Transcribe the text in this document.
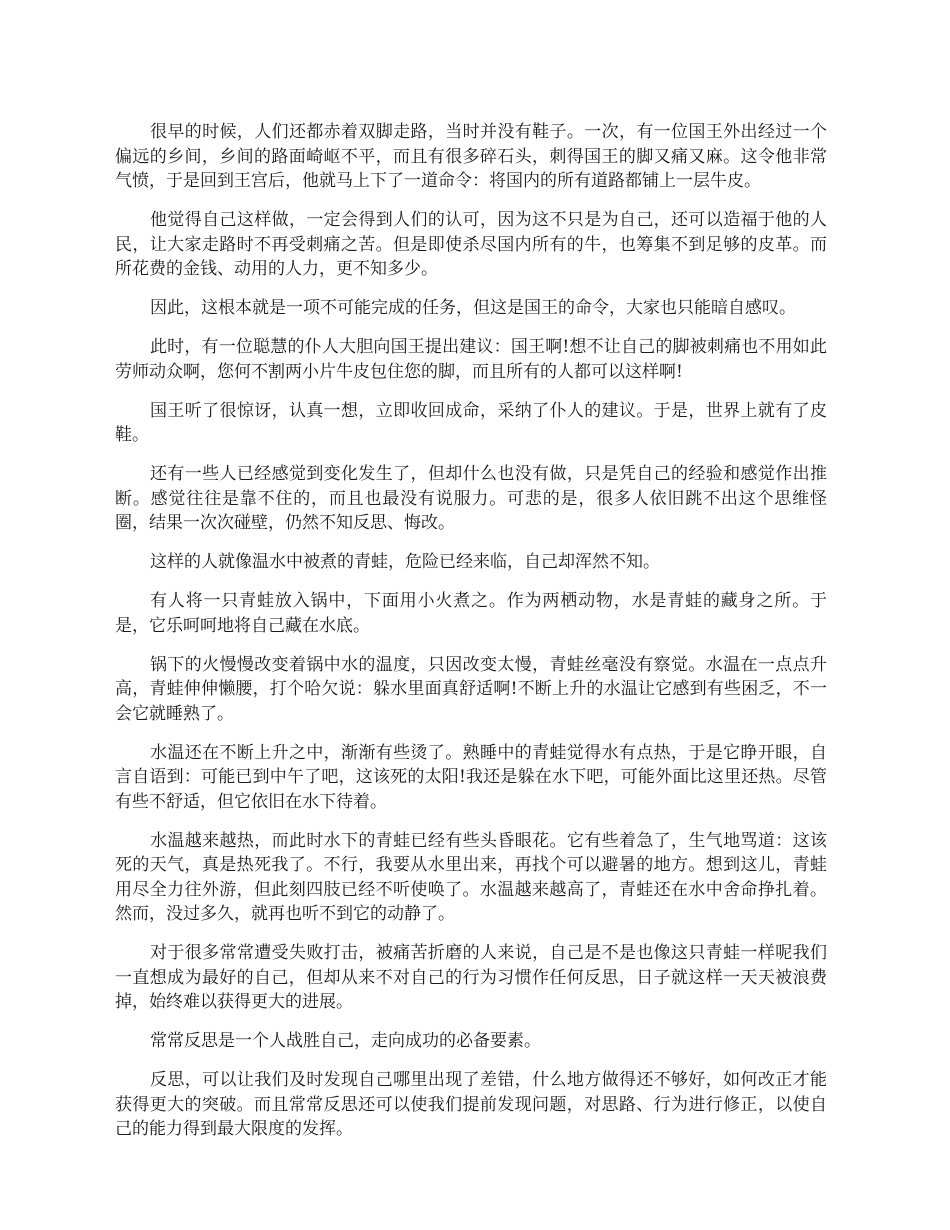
很早的时候，人们还都赤着双脚走路，当时并没有鞋子。一次，有一位国王外出经过一个偏远的乡间，乡间的路面崎岖不平，而且有很多碎石头，刺得国王的脚又痛又麻。这令他非常气愤，于是回到王宫后，他就马上下了一道命令：将国内的所有道路都铺上一层牛皮。

他觉得自己这样做，一定会得到人们的认可，因为这不只是为自己，还可以造福于他的人民，让大家走路时不再受刺痛之苦。但是即使杀尽国内所有的牛，也筹集不到足够的皮革。而所花费的金钱、动用的人力，更不知多少。

因此，这根本就是一项不可能完成的任务，但这是国王的命令，大家也只能暗自感叹。

此时，有一位聪慧的仆人大胆向国王提出建议：国王啊!想不让自己的脚被刺痛也不用如此劳师动众啊，您何不割两小片牛皮包住您的脚，而且所有的人都可以这样啊!

国王听了很惊讶，认真一想，立即收回成命，采纳了仆人的建议。于是，世界上就有了皮鞋。

还有一些人已经感觉到变化发生了，但却什么也没有做，只是凭自己的经验和感觉作出推断。感觉往往是靠不住的，而且也最没有说服力。可悲的是，很多人依旧跳不出这个思维怪圈，结果一次次碰壁，仍然不知反思、悔改。

这样的人就像温水中被煮的青蛙，危险已经来临，自己却浑然不知。

有人将一只青蛙放入锅中，下面用小火煮之。作为两栖动物，水是青蛙的藏身之所。于是，它乐呵呵地将自己藏在水底。

锅下的火慢慢改变着锅中水的温度，只因改变太慢，青蛙丝毫没有察觉。水温在一点点升高，青蛙伸伸懒腰，打个哈欠说：躲水里面真舒适啊!不断上升的水温让它感到有些困乏，不一会它就睡熟了。

水温还在不断上升之中，渐渐有些烫了。熟睡中的青蛙觉得水有点热，于是它睁开眼，自言自语到：可能已到中午了吧，这该死的太阳!我还是躲在水下吧，可能外面比这里还热。尽管有些不舒适，但它依旧在水下待着。

水温越来越热，而此时水下的青蛙已经有些头昏眼花。它有些着急了，生气地骂道：这该死的天气，真是热死我了。不行，我要从水里出来，再找个可以避暑的地方。想到这儿，青蛙用尽全力往外游，但此刻四肢已经不听使唤了。水温越来越高了，青蛙还在水中舍命挣扎着。然而，没过多久，就再也听不到它的动静了。

对于很多常常遭受失败打击，被痛苦折磨的人来说，自己是不是也像这只青蛙一样呢我们一直想成为最好的自己，但却从来不对自己的行为习惯作任何反思，日子就这样一天天被浪费掉，始终难以获得更大的进展。

常常反思是一个人战胜自己，走向成功的必备要素。

反思，可以让我们及时发现自己哪里出现了差错，什么地方做得还不够好，如何改正才能获得更大的突破。而且常常反思还可以使我们提前发现问题，对思路、行为进行修正，以使自己的能力得到最大限度的发挥。
